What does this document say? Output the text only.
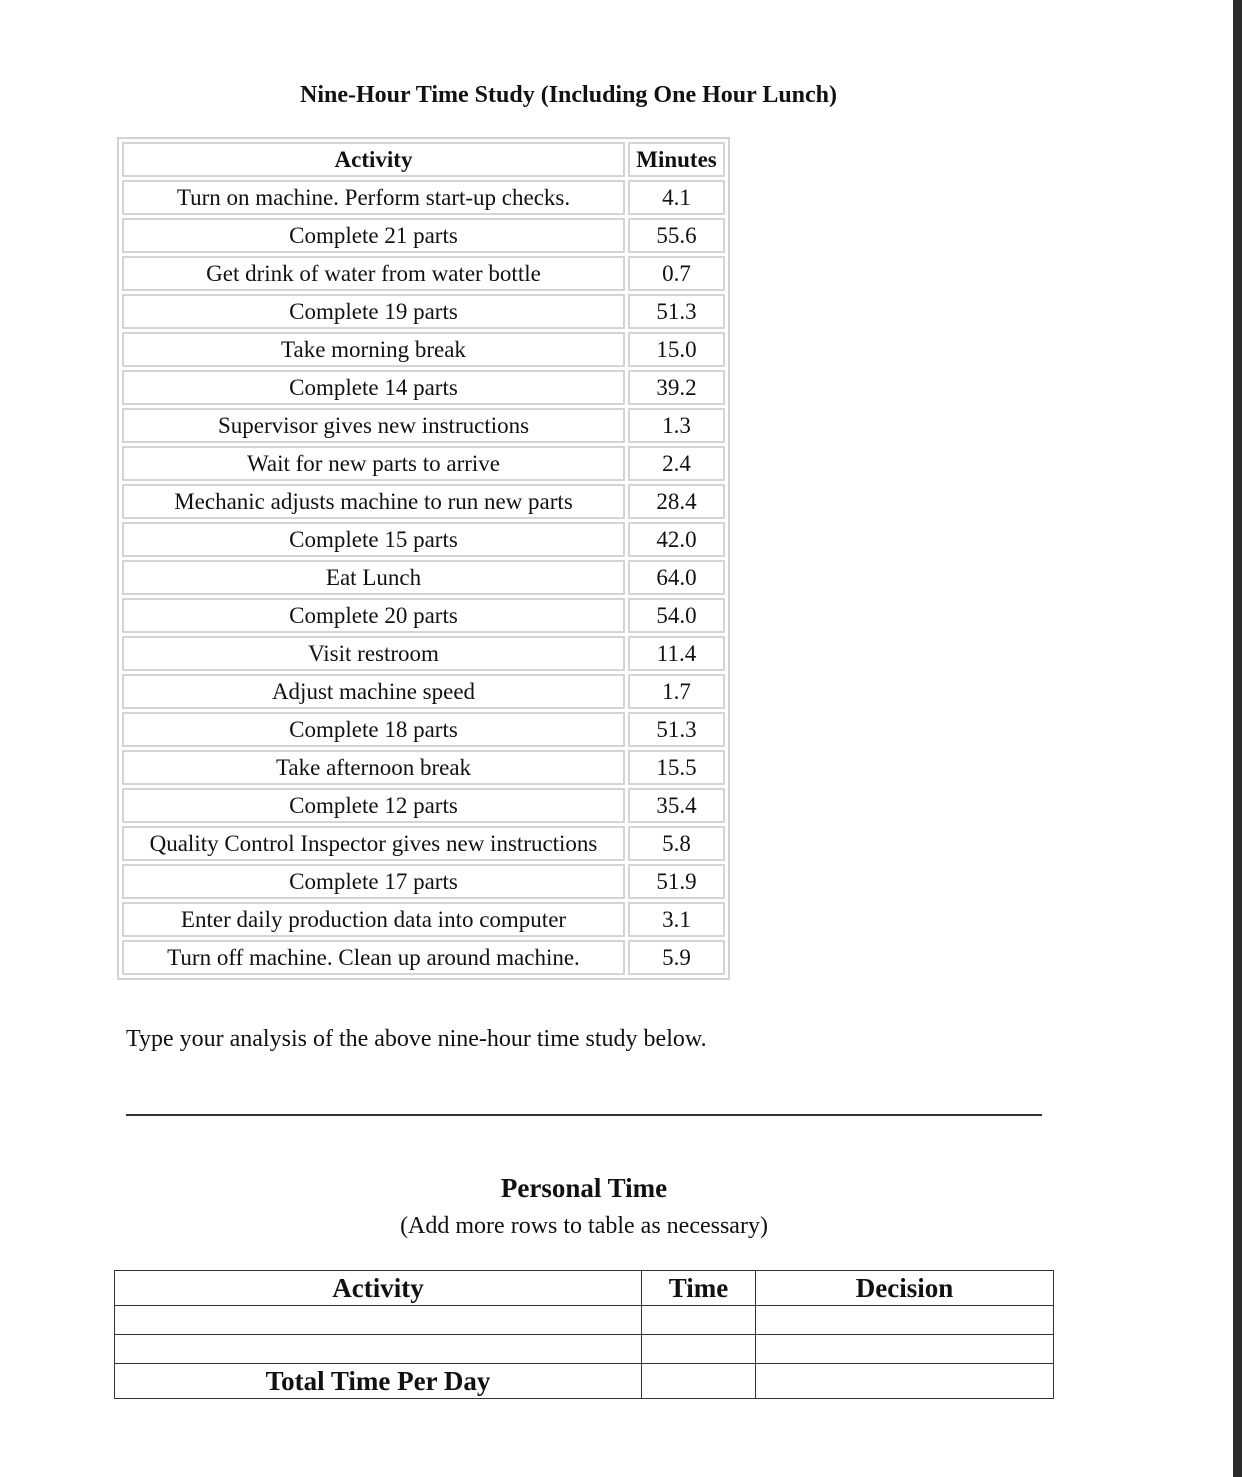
Nine-Hour Time Study (Including One Hour Lunch)
Activity	Minutes
Turn on machine. Perform start-up checks.	4.1
Complete 21 parts	55.6
Get drink of water from water bottle	0.7
Complete 19 parts	51.3
Take morning break	15.0
Complete 14 parts	39.2
Supervisor gives new instructions	1.3
Wait for new parts to arrive	2.4
Mechanic adjusts machine to run new parts	28.4
Complete 15 parts	42.0
Eat Lunch	64.0
Complete 20 parts	54.0
Visit restroom	11.4
Adjust machine speed	1.7
Complete 18 parts	51.3
Take afternoon break	15.5
Complete 12 parts	35.4
Quality Control Inspector gives new instructions	5.8
Complete 17 parts	51.9
Enter daily production data into computer	3.1
Turn off machine. Clean up around machine.	5.9
Type your analysis of the above nine-hour time study below.
Personal Time
(Add more rows to table as necessary)
Activity	Time	Decision

Total Time Per Day		
